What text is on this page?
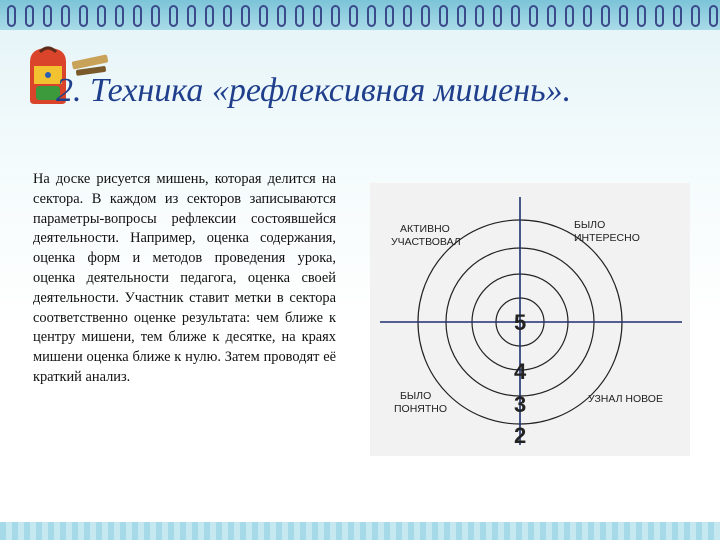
2. Техника «рефлексивная мишень».

На доске рисуется мишень, которая делится на сектора. В каждом из секторов записываются параметры-вопросы рефлексии состоявшейся деятельности. Например, оценка содержания, оценка форм и методов проведения урока, оценка деятельности педагога, оценка своей деятельности. Участник ставит метки в сектора соответственно оценке результата: чем ближе к центру мишени, тем ближе к десятке, на краях мишени оценка ближе к нулю. Затем проводят её краткий анализ.

АКТИВНО
УЧАСТВОВАЛ
БЫЛО
ИНТЕРЕСНО
БЫЛО
ПОНЯТНО
УЗНАЛ НОВОЕ
5
4
3
2
